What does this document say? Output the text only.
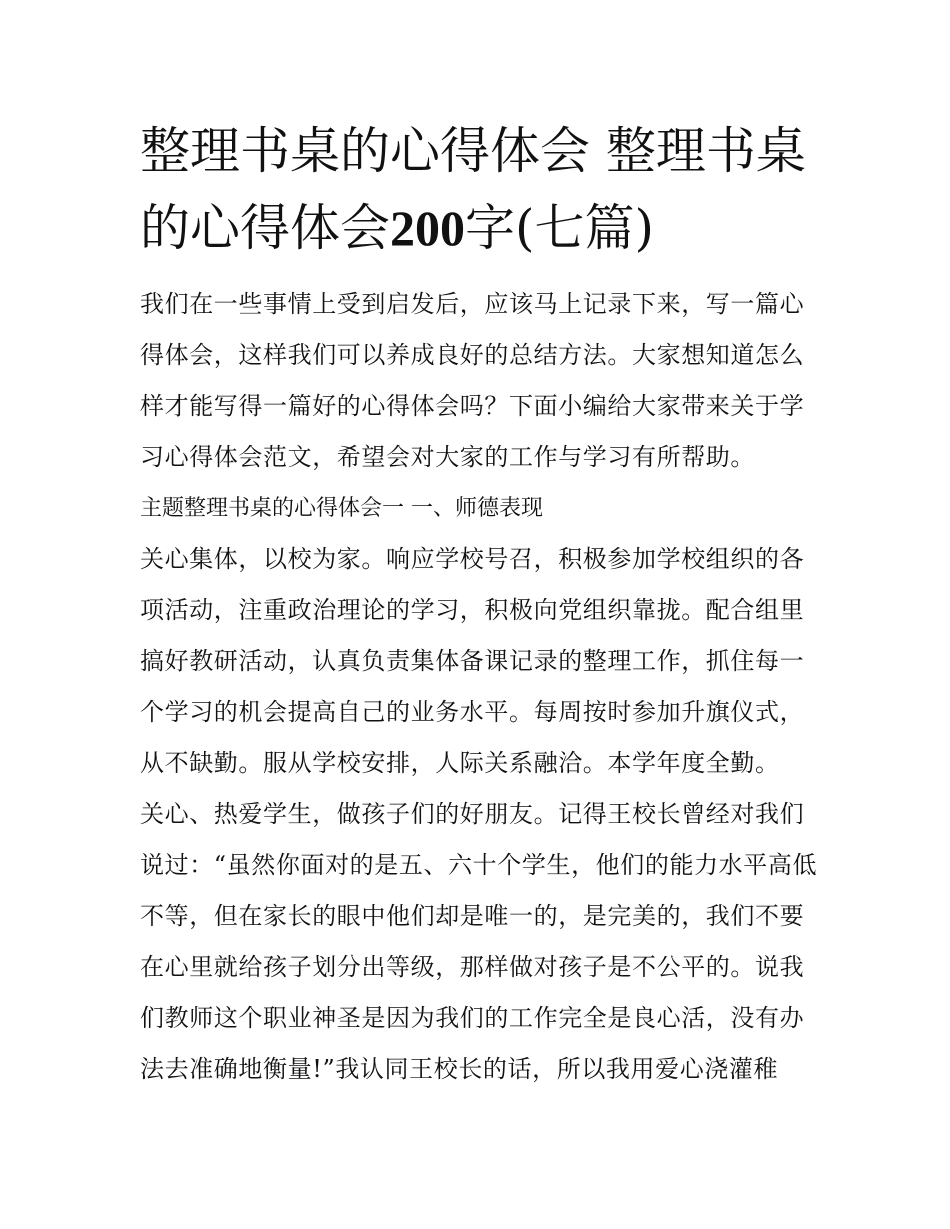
整理书桌的心得体会 整理书桌的心得体会200字(七篇)

我们在一些事情上受到启发后，应该马上记录下来，写一篇心得体会，这样我们可以养成良好的总结方法。大家想知道怎么样才能写得一篇好的心得体会吗？下面小编给大家带来关于学习心得体会范文，希望会对大家的工作与学习有所帮助。

主题整理书桌的心得体会一 一、师德表现

关心集体，以校为家。响应学校号召，积极参加学校组织的各项活动，注重政治理论的学习，积极向党组织靠拢。配合组里搞好教研活动，认真负责集体备课记录的整理工作，抓住每一个学习的机会提高自己的业务水平。每周按时参加升旗仪式，从不缺勤。服从学校安排，人际关系融洽。本学年度全勤。

关心、热爱学生，做孩子们的好朋友。记得王校长曾经对我们说过：“虽然你面对的是五、六十个学生，他们的能力水平高低不等，但在家长的眼中他们却是唯一的，是完美的，我们不要在心里就给孩子划分出等级，那样做对孩子是不公平的。说我们教师这个职业神圣是因为我们的工作完全是良心活，没有办法去准确地衡量!”我认同王校长的话，所以我用爱心浇灌稚
